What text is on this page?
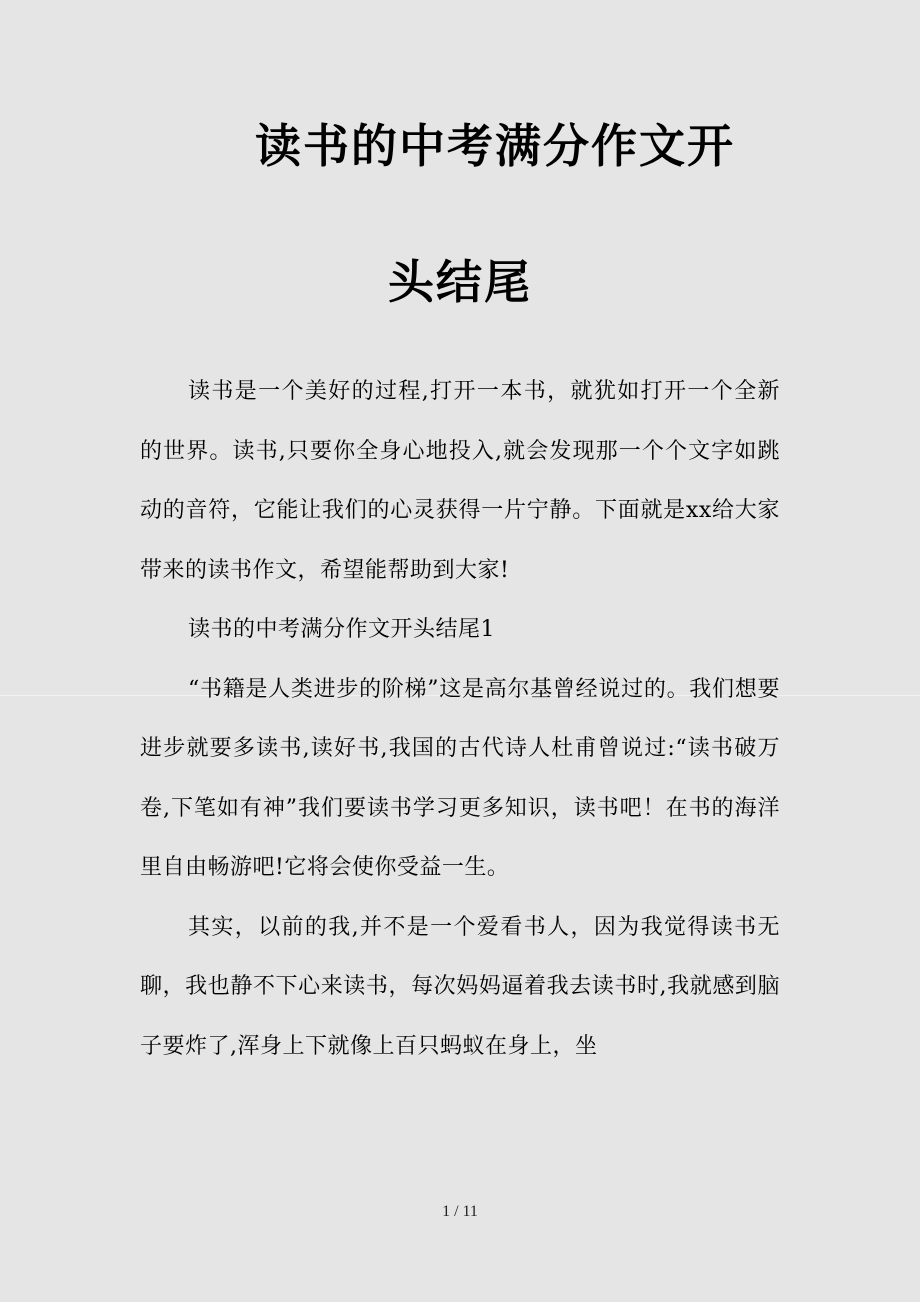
读书的中考满分作文开
头结尾

读书是一个美好的过程,打开一本书，就犹如打开一个全新的世界。读书,只要你全身心地投入,就会发现那一个个文字如跳动的音符，它能让我们的心灵获得一片宁静。下面就是xx给大家带来的读书作文，希望能帮助到大家!

读书的中考满分作文开头结尾1

“书籍是人类进步的阶梯”这是高尔基曾经说过的。我们想要进步就要多读书,读好书,我国的古代诗人杜甫曾说过:“读书破万卷,下笔如有神”我们要读书学习更多知识，读书吧！在书的海洋里自由畅游吧!它将会使你受益一生。

其实，以前的我,并不是一个爱看书人，因为我觉得读书无聊，我也静不下心来读书，每次妈妈逼着我去读书时,我就感到脑子要炸了,浑身上下就像上百只蚂蚁在身上，坐

1 / 11
